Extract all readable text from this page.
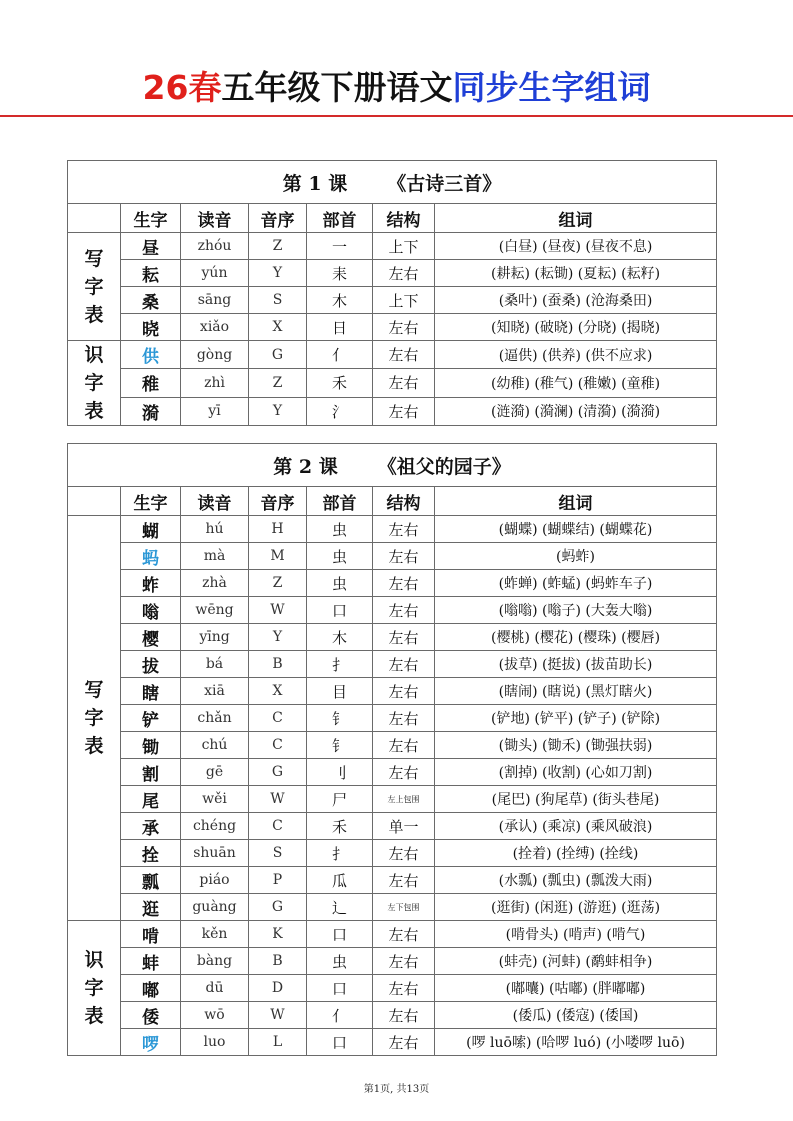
26春五年级下册语文同步生字组词
第 1 课 《古诗三首》						
	生字	读音	音序	部首	结构	组词
写字表	昼	zhóu	Z	一	上下	(白昼) (昼夜) (昼夜不息)
	耘	yún	Y	耒	左右	(耕耘) (耘锄) (夏耘) (耘籽)
	桑	sāng	S	木	上下	(桑叶) (蚕桑) (沧海桑田)
	晓	xiǎo	X	日	左右	(知晓) (破晓) (分晓) (揭晓)
识字表	供	gòng	G	亻	左右	(逼供) (供养) (供不应求)
	稚	zhì	Z	禾	左右	(幼稚) (稚气) (稚嫩) (童稚)
	漪	yī	Y	氵	左右	(涟漪) (漪澜) (清漪) (漪漪)
第 2 课 《祖父的园子》						
	生字	读音	音序	部首	结构	组词
写字表	蝴	hú	H	虫	左右	(蝴蝶) (蝴蝶结) (蝴蝶花)
	蚂	mà	M	虫	左右	(蚂蚱)
	蚱	zhà	Z	虫	左右	(蚱蝉) (蚱蜢) (蚂蚱车子)
	嗡	wēng	W	口	左右	(嗡嗡) (嗡子) (大轰大嗡)
	樱	yīng	Y	木	左右	(樱桃) (樱花) (樱珠) (樱唇)
	拔	bá	B	扌	左右	(拔草) (挺拔) (拔苗助长)
	瞎	xiā	X	目	左右	(瞎闹) (瞎说) (黑灯瞎火)
	铲	chǎn	C	钅	左右	(铲地) (铲平) (铲子) (铲除)
	锄	chú	C	钅	左右	(锄头) (锄禾) (锄强扶弱)
	割	gē	G	刂	左右	(割掉) (收割) (心如刀割)
	尾	wěi	W	尸	左上包围	(尾巴) (狗尾草) (街头巷尾)
	承	chéng	C	禾	单一	(承认) (乘凉) (乘风破浪)
	拴	shuān	S	扌	左右	(拴着) (拴缚) (拴线)
	瓢	piáo	P	瓜	左右	(水瓢) (瓢虫) (瓢泼大雨)
	逛	guàng	G	辶	左下包围	(逛街) (闲逛) (游逛) (逛荡)
识字表	啃	kěn	K	口	左右	(啃骨头) (啃声) (啃气)
	蚌	bàng	B	虫	左右	(蚌壳) (河蚌) (鹬蚌相争)
	嘟	dū	D	口	左右	(嘟囔) (咕嘟) (胖嘟嘟)
	倭	wō	W	亻	左右	(倭瓜) (倭寇) (倭国)
	啰	luo	L	口	左右	(啰 luō嗦) (哈啰 luó) (小喽啰 luō)
第1页, 共13页
